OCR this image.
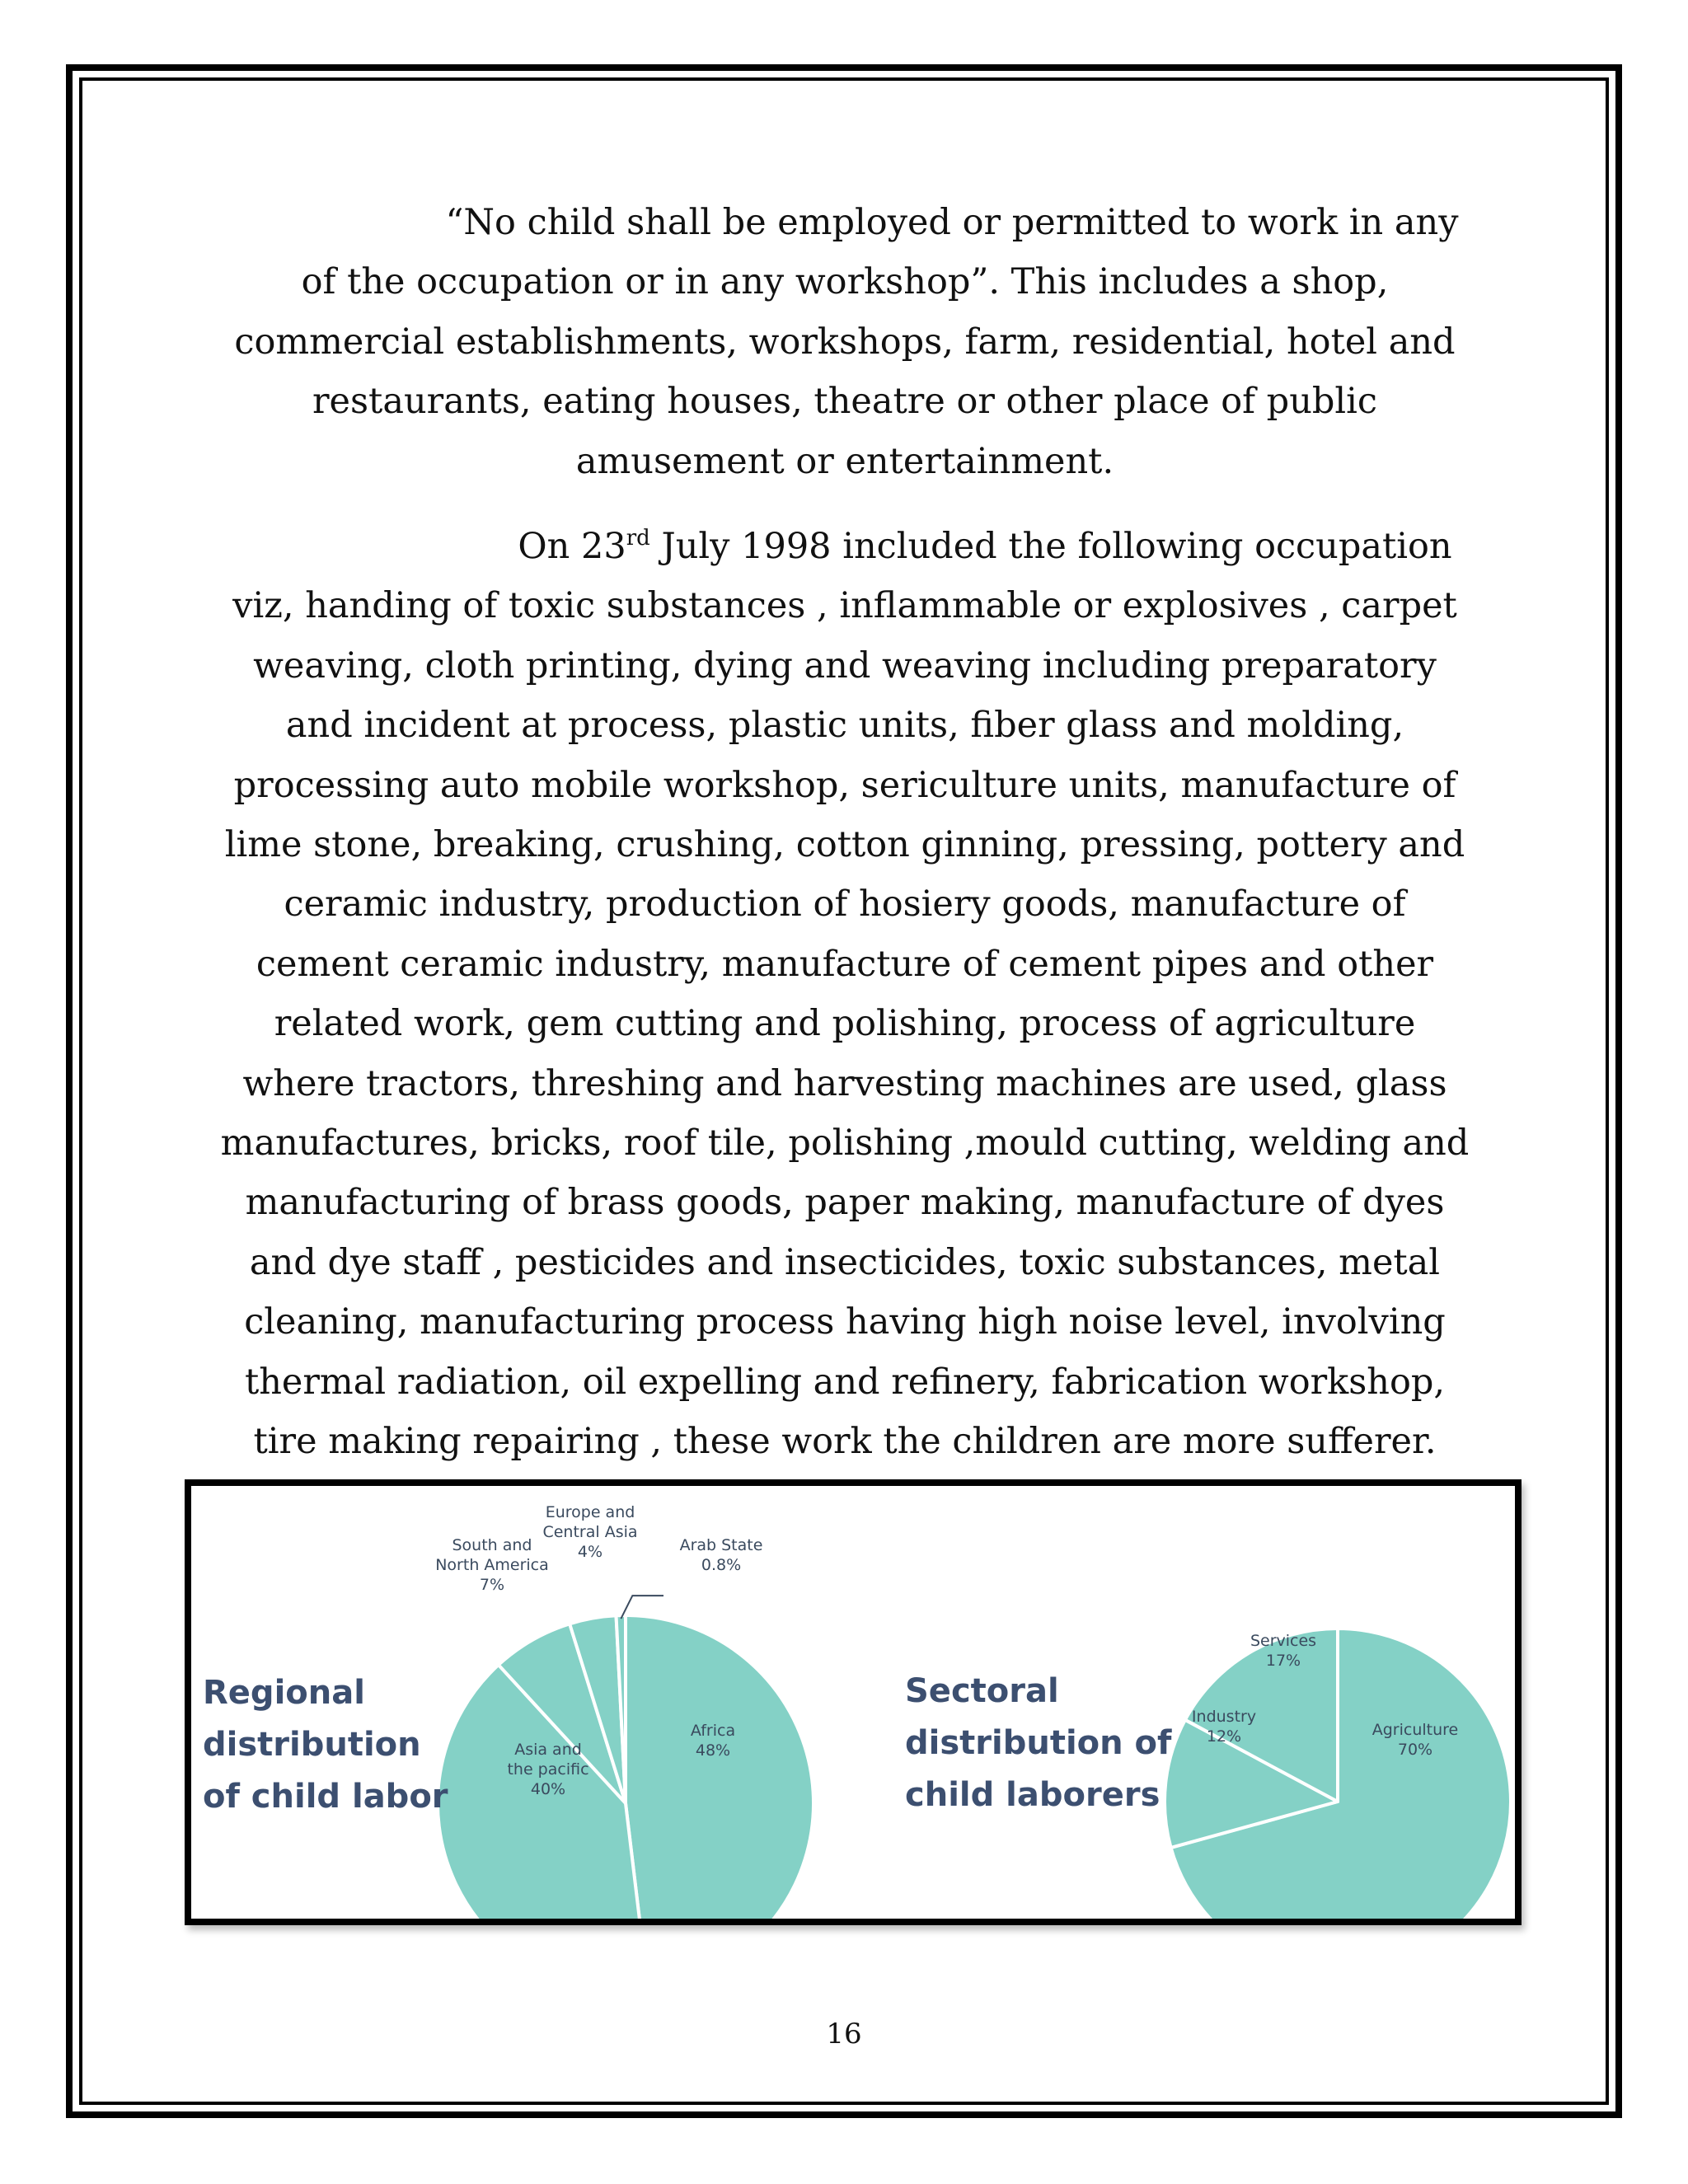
“No child shall be employed or permitted to work in any

of the occupation or in any workshop”. This includes a shop,

commercial establishments, workshops, farm, residential, hotel and

restaurants, eating houses, theatre or other place of public

amusement or entertainment.

On 23rd July 1998 included the following occupation

viz, handing of toxic substances , inflammable or explosives , carpet

weaving, cloth printing, dying and weaving including preparatory

and incident at process, plastic units, fiber glass and molding,

processing auto mobile workshop, sericulture units, manufacture of

lime stone, breaking, crushing, cotton ginning, pressing, pottery and

ceramic industry, production of hosiery goods, manufacture of

cement ceramic industry, manufacture of cement pipes and other

related work, gem cutting and polishing, process of agriculture

where tractors, threshing and harvesting machines are used, glass

manufactures, bricks, roof tile, polishing ,mould cutting, welding and

manufacturing of brass goods, paper making, manufacture of dyes

and dye staff , pesticides and insecticides, toxic substances, metal

cleaning, manufacturing process having high noise level, involving

thermal radiation, oil expelling and refinery, fabrication workshop,

tire making repairing , these work the children are more sufferer.

Regional
distribution
of child labor
Sectoral
distribution of
child laborers
Africa
48%
Asia and
the pacific
40%
South and
North America
7%
Europe and
Central Asia
4%	Arab State
0.8%
Agriculture
70%
Industry
12%
Services
17%
16
